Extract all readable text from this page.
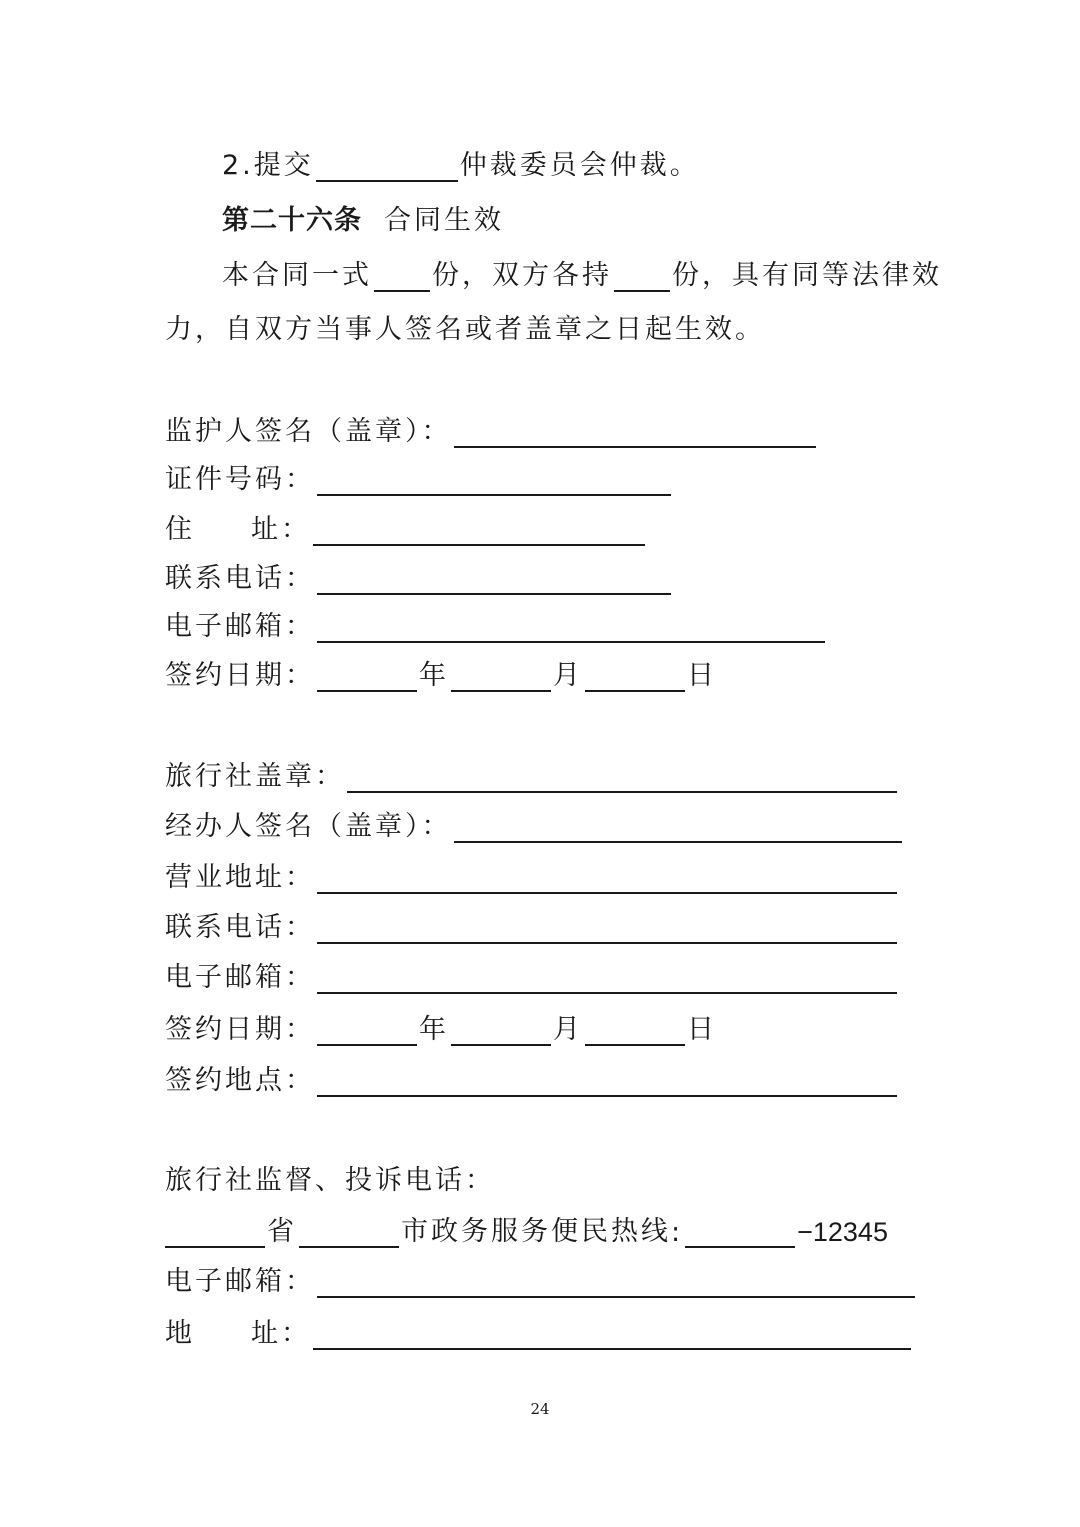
2.提交	仲裁委员会仲裁。
第二十六条 合同生效
本合同一式 份，双方各持 份，具有同等法律效
力，自双方当事人签名或者盖章之日起生效。
监护人签名（盖章）：
证件号码：
住 址：
联系电话：
电子邮箱：
签约日期：	年	月	日
旅行社盖章：
经办人签名（盖章）：
营业地址：
联系电话：
电子邮箱：
签约日期：	年	月	日
签约地点：
旅行社监督、投诉电话：
省	市政务服务便民热线 :	−12345
电子邮箱：
地 址：
24
